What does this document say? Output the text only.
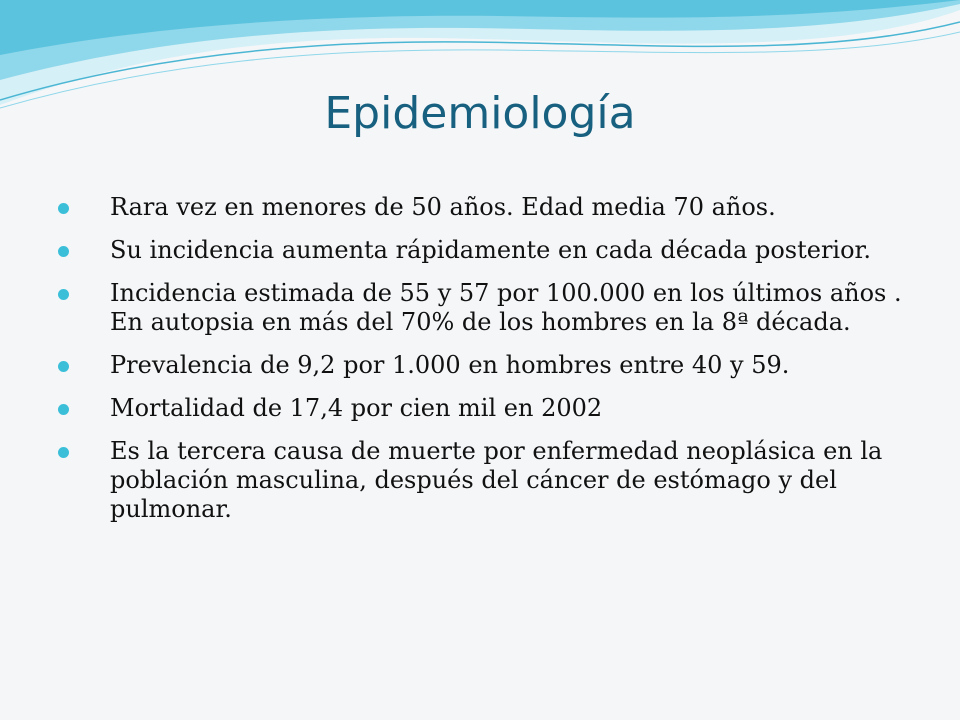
Epidemiología
Rara vez en menores de 50 años. Edad media 70 años.
Su incidencia aumenta rápidamente en cada década posterior.
Incidencia estimada de 55 y 57 por 100.000 en los últimos años . En autopsia en más del 70% de los hombres en la 8ª década.
Prevalencia de 9,2 por 1.000 en hombres entre 40 y 59.
Mortalidad de 17,4 por cien mil en 2002
Es la tercera causa de muerte por enfermedad neoplásica en la población masculina, después del cáncer de estómago y del pulmonar.
